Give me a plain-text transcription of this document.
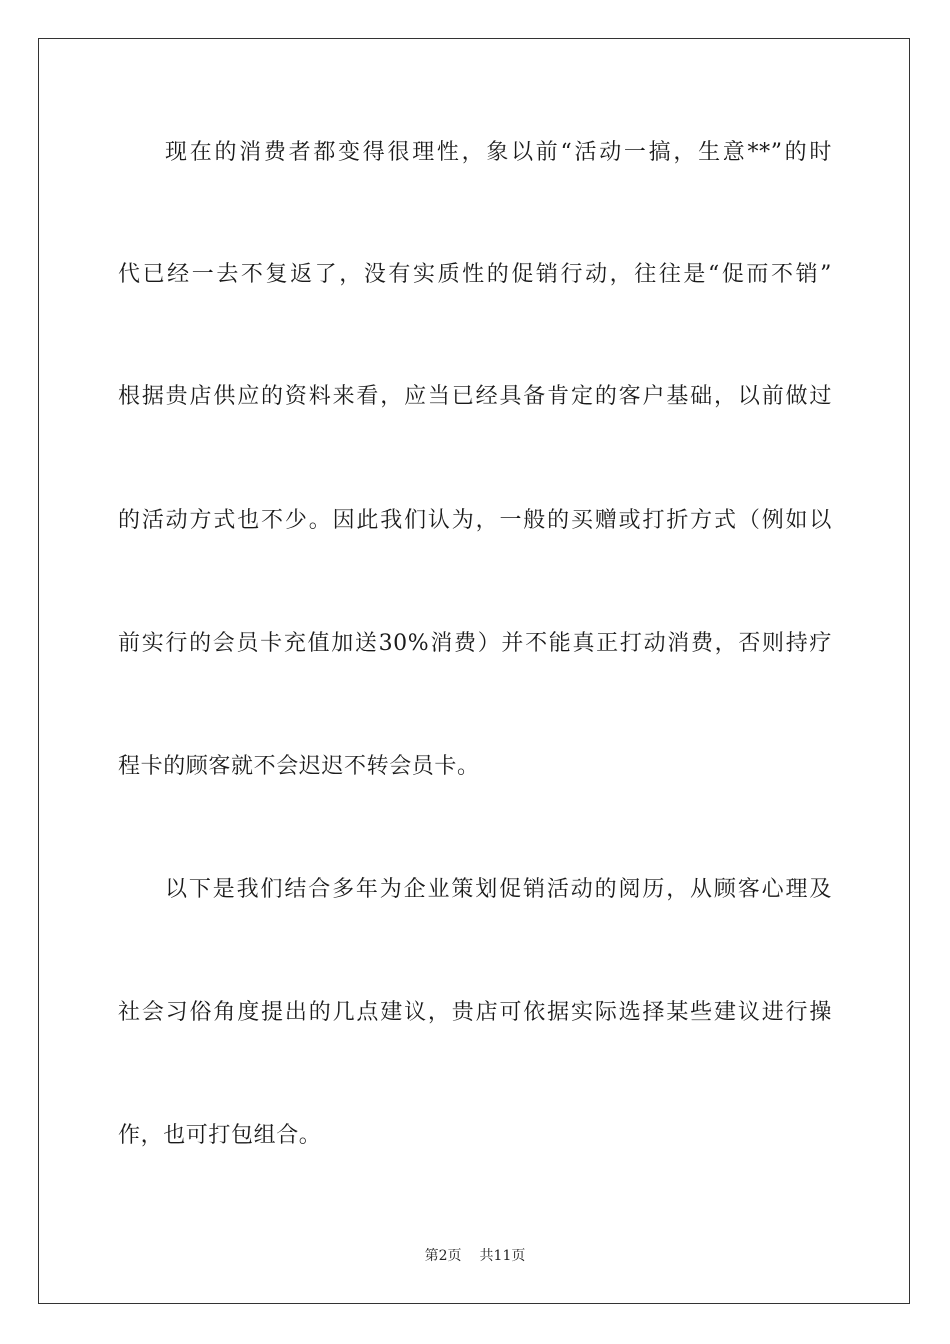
现在的消费者都变得很理性，象以前“活动一搞，生意**”的时
代已经一去不复返了，没有实质性的促销行动，往往是“促而不销”
根据贵店供应的资料来看，应当已经具备肯定的客户基础，以前做过
的活动方式也不少。因此我们认为，一般的买赠或打折方式（例如以
前实行的会员卡充值加送30%消费）并不能真正打动消费，否则持疗
程卡的顾客就不会迟迟不转会员卡。
以下是我们结合多年为企业策划促销活动的阅历，从顾客心理及
社会习俗角度提出的几点建议，贵店可依据实际选择某些建议进行操
作，也可打包组合。
第2页 共11页
